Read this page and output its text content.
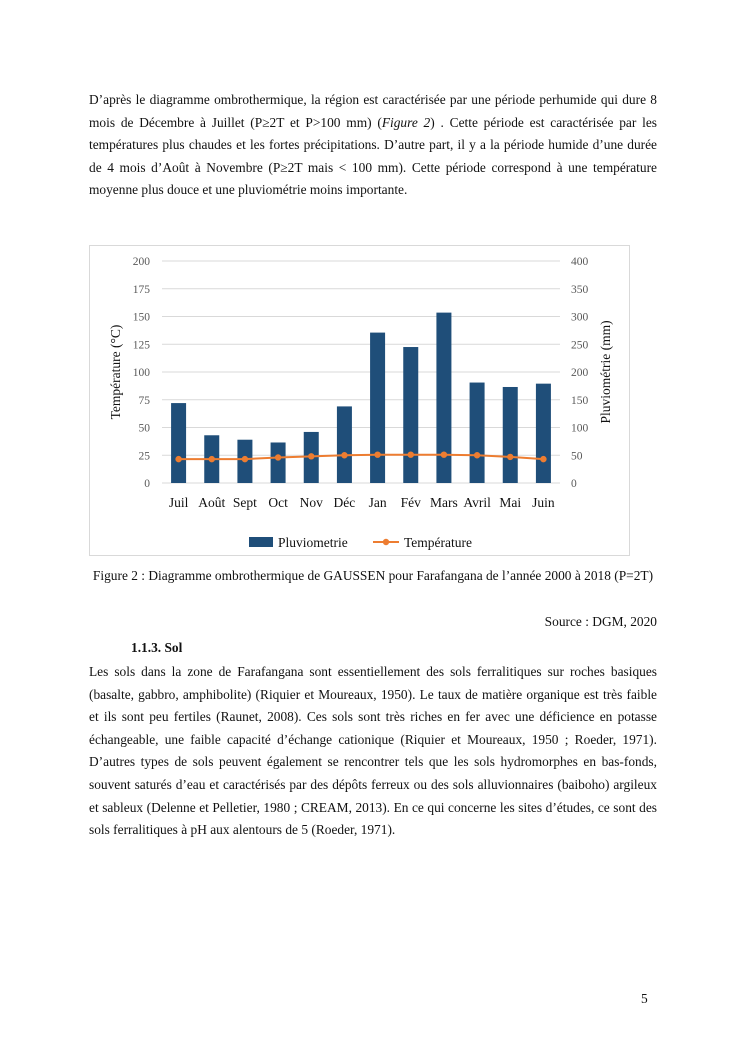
D’après le diagramme ombrothermique, la région est caractérisée par une période perhumide qui dure 8 mois de Décembre à Juillet (P≥2T et P>100 mm) (Figure 2) . Cette période est caractérisée par les températures plus chaudes et les fortes précipitations. D’autre part, il y a la période humide d’une durée de 4 mois d’Août à Novembre (P≥2T mais < 100 mm). Cette période correspond à une température moyenne plus douce et une pluviométrie moins importante.

0
25
50
75
100
125
150
175
200
0
50
100
150
200
250
300
350
400
Température (°C)	Pluviométrie (mm)
Juil Août Sept Oct Nov Déc Jan Fév Mars Avril Mai Juin
Pluviometrie	Température

Figure 2 : Diagramme ombrothermique de GAUSSEN pour Farafangana de l’année 2000 à 2018 (P=2T)

Source : DGM, 2020

1.1.3. Sol

Les sols dans la zone de Farafangana sont essentiellement des sols ferralitiques sur roches basiques (basalte, gabbro, amphibolite) (Riquier et Moureaux, 1950). Le taux de matière organique est très faible et ils sont peu fertiles (Raunet, 2008). Ces sols sont très riches en fer avec une déficience en potasse échangeable, une faible capacité d’échange cationique (Riquier et Moureaux, 1950 ; Roeder, 1971). D’autres types de sols peuvent également se rencontrer tels que les sols hydromorphes en bas-fonds, souvent saturés d’eau et caractérisés par des dépôts ferreux ou des sols alluvionnaires (baiboho) argileux et sableux (Delenne et Pelletier, 1980 ; CREAM, 2013). En ce qui concerne les sites d’études, ce sont des sols ferralitiques à pH aux alentours de 5 (Roeder, 1971).

5
